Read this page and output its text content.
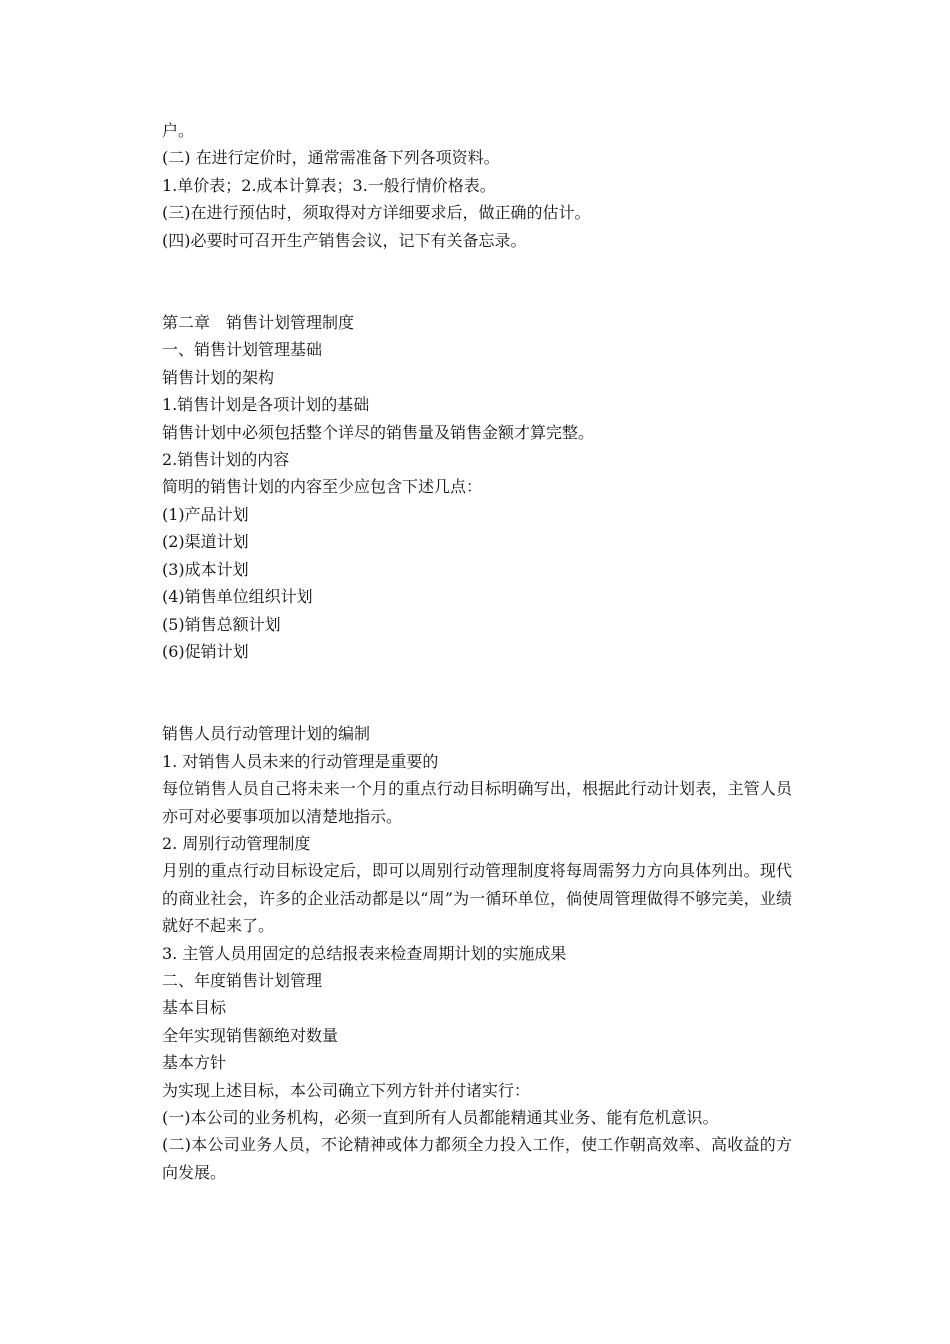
户。

(二) 在进行定价时，通常需准备下列各项资料。

1.单价表；2.成本计算表；3.一般行情价格表。

(三)在进行预估时，须取得对方详细要求后，做正确的估计。

(四)必要时可召开生产销售会议，记下有关备忘录。

第二章　销售计划管理制度

一、销售计划管理基础

销售计划的架构

1.销售计划是各项计划的基础

销售计划中必须包括整个详尽的销售量及销售金额才算完整。

2.销售计划的内容

简明的销售计划的内容至少应包含下述几点：

(1)产品计划

(2)渠道计划

(3)成本计划

(4)销售单位组织计划

(5)销售总额计划

(6)促销计划

销售人员行动管理计划的编制

1. 对销售人员未来的行动管理是重要的

每位销售人员自己将未来一个月的重点行动目标明确写出，根据此行动计划表，主管人员亦可对必要事项加以清楚地指示。

2. 周别行动管理制度

月别的重点行动目标设定后，即可以周别行动管理制度将每周需努力方向具体列出。现代的商业社会，许多的企业活动都是以“周”为一循环单位，倘使周管理做得不够完美，业绩就好不起来了。

3. 主管人员用固定的总结报表来检查周期计划的实施成果

二、年度销售计划管理

基本目标

全年实现销售额绝对数量

基本方针

为实现上述目标，本公司确立下列方针并付诸实行：

(一)本公司的业务机构，必须一直到所有人员都能精通其业务、能有危机意识。

(二)本公司业务人员，不论精神或体力都须全力投入工作，使工作朝高效率、高收益的方向发展。
